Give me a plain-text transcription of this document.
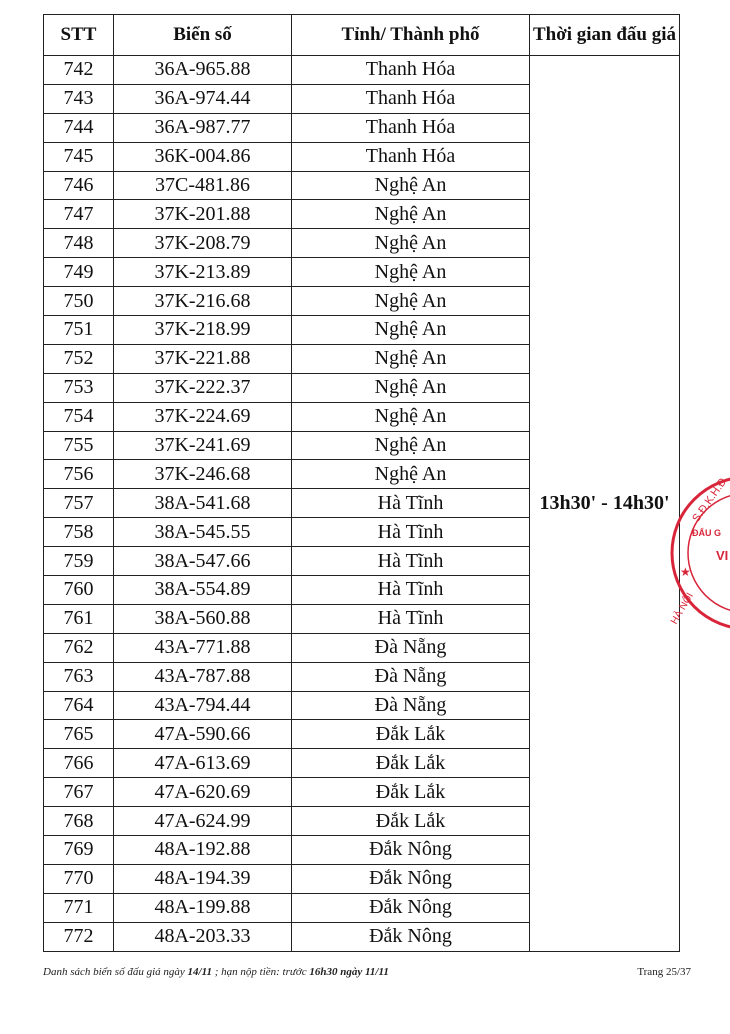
STT	Biển số	Tỉnh/ Thành phố	Thời gian đấu giá
742	36A-965.88	Thanh Hóa	13h30' - 14h30'
743	36A-974.44	Thanh Hóa	
744	36A-987.77	Thanh Hóa	
745	36K-004.86	Thanh Hóa	
746	37C-481.86	Nghệ An	
747	37K-201.88	Nghệ An	
748	37K-208.79	Nghệ An	
749	37K-213.89	Nghệ An	
750	37K-216.68	Nghệ An	
751	37K-218.99	Nghệ An	
752	37K-221.88	Nghệ An	
753	37K-222.37	Nghệ An	
754	37K-224.69	Nghệ An	
755	37K-241.69	Nghệ An	
756	37K-246.68	Nghệ An	
757	38A-541.68	Hà Tĩnh	
758	38A-545.55	Hà Tĩnh	
759	38A-547.66	Hà Tĩnh	
760	38A-554.89	Hà Tĩnh	
761	38A-560.88	Hà Tĩnh	
762	43A-771.88	Đà Nẵng	
763	43A-787.88	Đà Nẵng	
764	43A-794.44	Đà Nẵng	
765	47A-590.66	Đắk Lắk	
766	47A-613.69	Đắk Lắk	
767	47A-620.69	Đắk Lắk	
768	47A-624.99	Đắk Lắk	
769	48A-192.88	Đắk Nông	
770	48A-194.39	Đắk Nông	
771	48A-199.88	Đắk Nông	
772	48A-203.33	Đắk Nông	
Danh sách biển số đấu giá ngày 14/11 ; hạn nộp tiền: trước 16h30 ngày 11/11	Trang 25/37
S.Đ.K.H.Đ
ĐẤU G
VI
HÀ NỘI
★
